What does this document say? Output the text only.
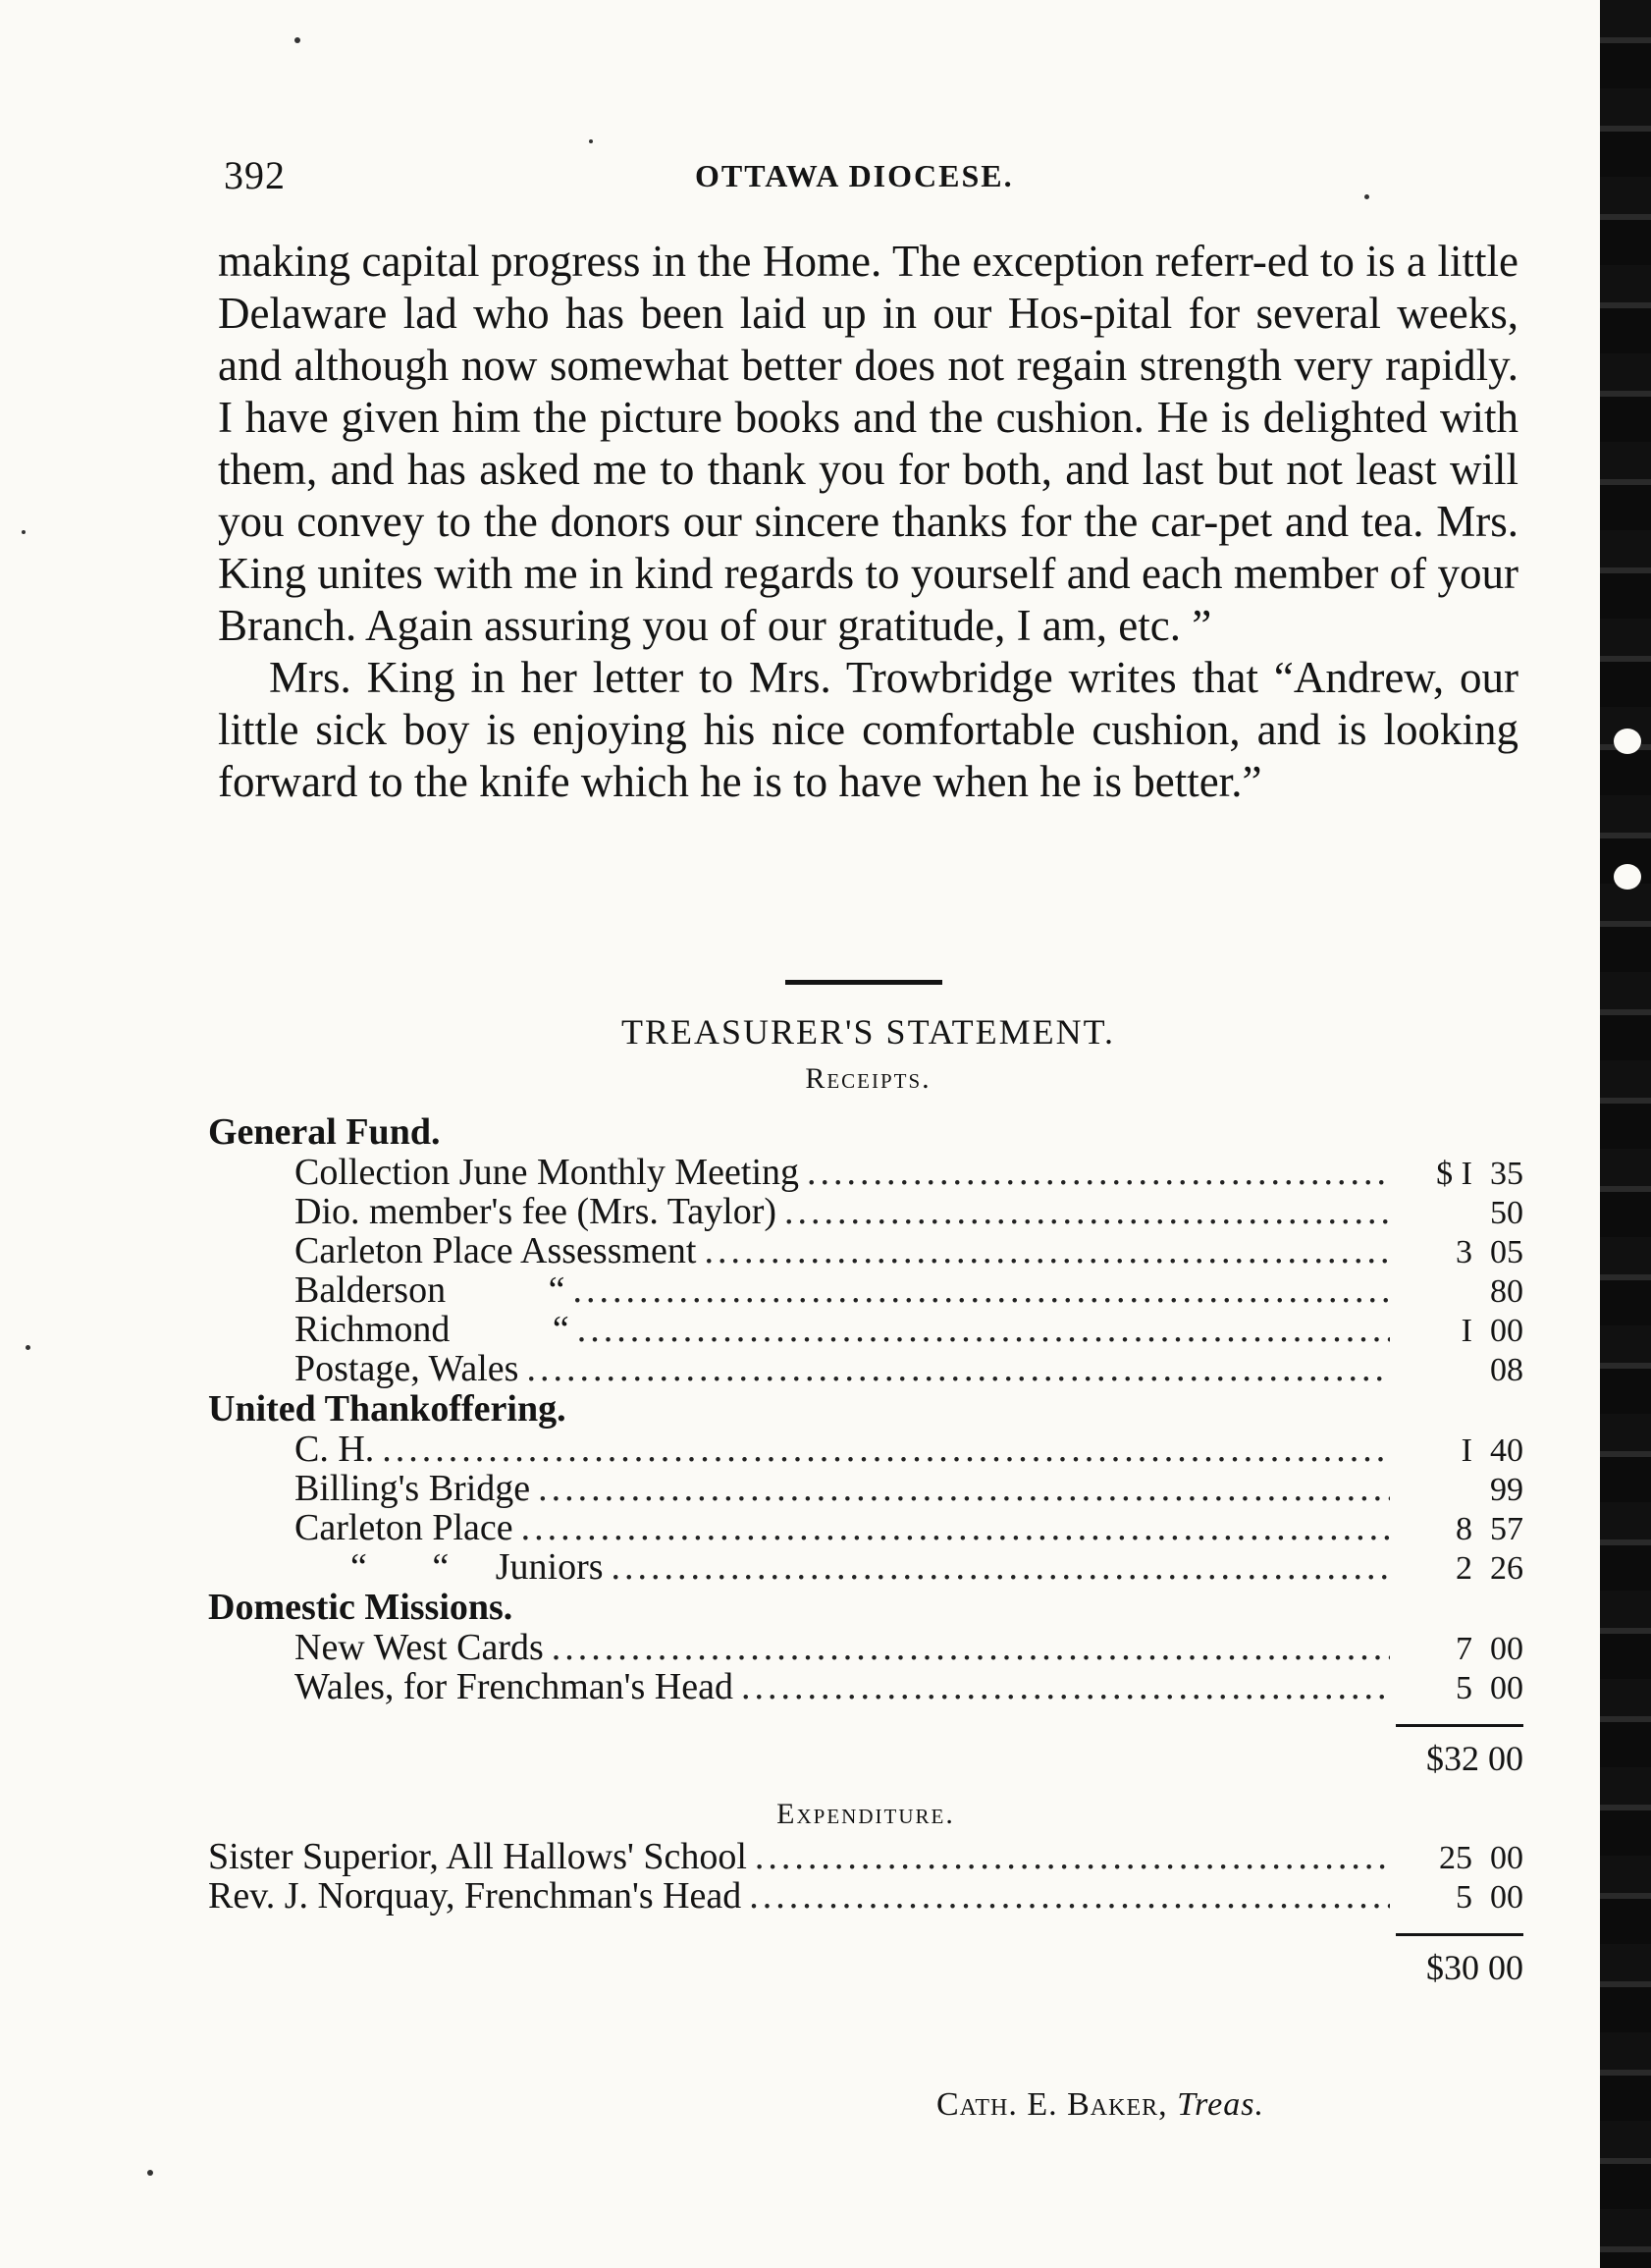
392	OTTAWA DIOCESE.

making capital progress in the Home. The exception referr-ed to is a little Delaware lad who has been laid up in our Hos-pital for several weeks, and although now somewhat better does not regain strength very rapidly. I have given him the picture books and the cushion. He is delighted with them, and has asked me to thank you for both, and last but not least will you convey to the donors our sincere thanks for the car-pet and tea. Mrs. King unites with me in kind regards to yourself and each member of your Branch. Again assuring you of our gratitude, I am, etc. ”

Mrs. King in her letter to Mrs. Trowbridge writes that “Andrew, our little sick boy is enjoying his nice comfortable cushion, and is looking forward to the knife which he is to have when he is better.”

TREASURER'S STATEMENT.
Receipts.
General Fund.
Collection June Monthly Meeting .....	$ I 35
Dio. member's fee (Mrs. Taylor) .....	50
Carleton Place Assessment .....	3 05
Balderson           “ .....	80
Richmond           “ .....	I 00
Postage, Wales .....	08
United Thankoffering.
C. H. .....	I 40
Billing's Bridge .....	99
Carleton Place .....	8 57
“       “     Juniors .....	2 26
Domestic Missions.
New West Cards .....	7 00
Wales, for Frenchman's Head .....	5 00
$32 00
Expenditure.
Sister Superior, All Hallows' School .....	25 00
Rev. J. Norquay, Frenchman's Head .....	5 00
$30 00
Cath. E. Baker, Treas.
